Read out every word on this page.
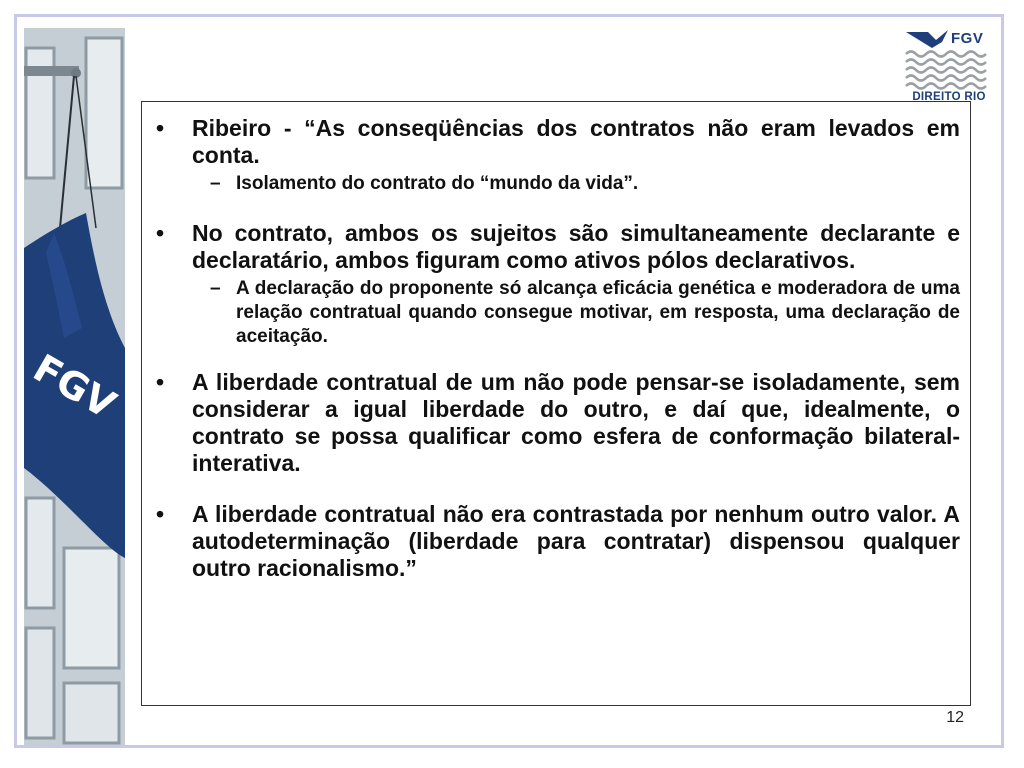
FGV
FGV
DIREITO RIO
• Ribeiro - “As conseqüências dos contratos não eram levados em conta.
– Isolamento do contrato do “mundo da vida”.
• No contrato, ambos os sujeitos são simultaneamente declarante e declaratário, ambos figuram como ativos pólos declarativos.
– A declaração do proponente só alcança eficácia genética e moderadora de uma relação contratual quando consegue motivar, em resposta, uma declaração de aceitação.
• A liberdade contratual de um não pode pensar-se isoladamente, sem considerar a igual liberdade do outro, e daí que, idealmente, o contrato se possa qualificar como esfera de conformação bilateral-interativa.
• A liberdade contratual não era contrastada por nenhum outro valor. A autodeterminação (liberdade para contratar) dispensou qualquer outro racionalismo.”
12
